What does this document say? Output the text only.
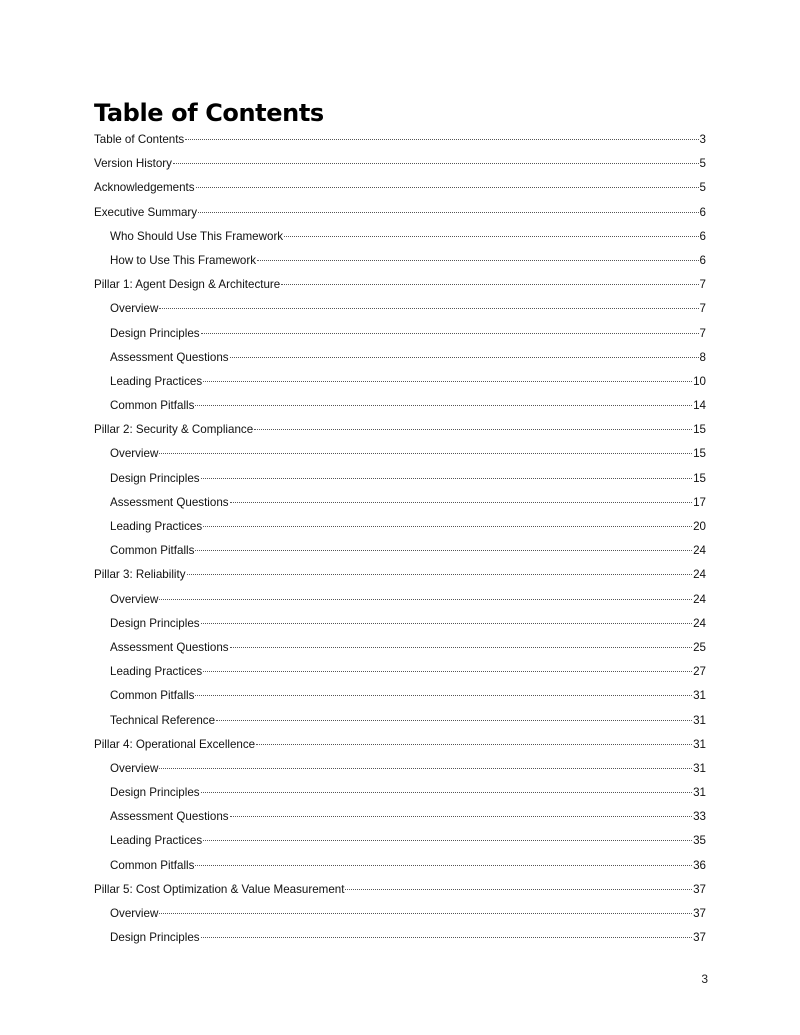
Table of Contents
Table of Contents	3
Version History	5
Acknowledgements	5
Executive Summary	6
Who Should Use This Framework	6
How to Use This Framework	6
Pillar 1: Agent Design & Architecture	7
Overview	7
Design Principles	7
Assessment Questions	8
Leading Practices	10
Common Pitfalls	14
Pillar 2: Security & Compliance	15
Overview	15
Design Principles	15
Assessment Questions	17
Leading Practices	20
Common Pitfalls	24
Pillar 3: Reliability	24
Overview	24
Design Principles	24
Assessment Questions	25
Leading Practices	27
Common Pitfalls	31
Technical Reference	31
Pillar 4: Operational Excellence	31
Overview	31
Design Principles	31
Assessment Questions	33
Leading Practices	35
Common Pitfalls	36
Pillar 5: Cost Optimization & Value Measurement	37
Overview	37
Design Principles	37
3
